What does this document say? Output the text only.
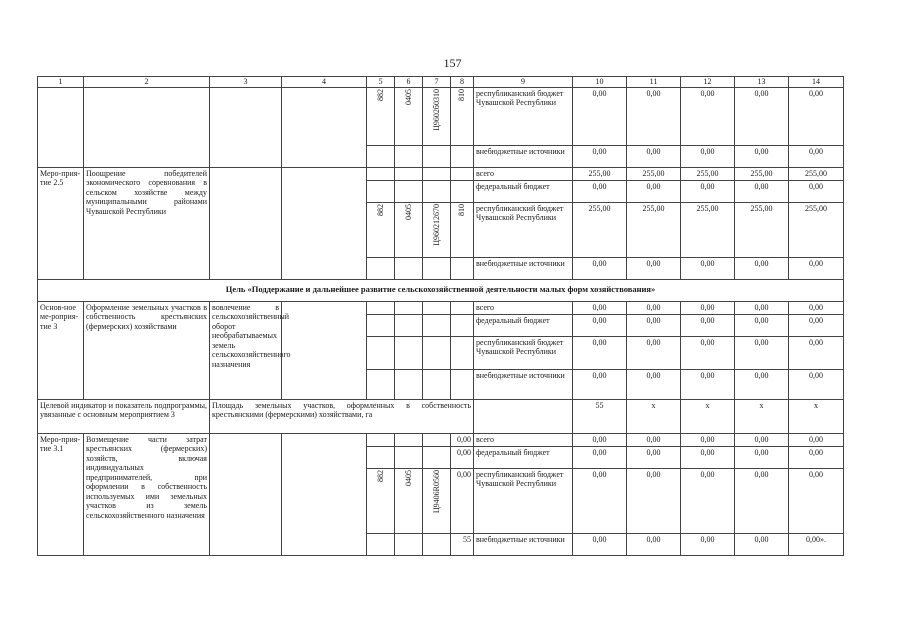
157
1	2	3	4	5	6	7	8	9	10	11	12	13	14

				882	0405	Ц9602б0310	810	республиканский бюджет Чувашской Республики	0,00	0,00	0,00	0,00	0,00
								внебюджетные источники	0,00	0,00	0,00	0,00	0,00
Меро-прия-тие 2.5	Поощрение победителей экономического соревнования в сельском хозяйстве между муниципальными районами Чувашской Республики							всего	255,00	255,00	255,00	255,00	255,00
								федеральный бюджет	0,00	0,00	0,00	0,00	0,00

				882	0405	Ц960212670	810	республиканский бюджет Чувашской Республики	255,00	255,00	255,00	255,00	255,00
								внебюджетные источники	0,00	0,00	0,00	0,00	0,00
Цель «Поддержание и дальнейшее развитие сельскохозяйственной деятельности малых форм хозяйствования»													
Основ-ное ме-роприя-тие 3	Оформление земельных участков в собственность крестьянских (фермерских) хозяйствами	вовлечение в сельскохозяйственный оборот необрабатываемых земель сельскохозяйственного назначения						всего	0,00	0,00	0,00	0,00	0,00
								федеральный бюджет	0,00	0,00	0,00	0,00	0,00
								республиканский бюджет Чувашской Республики	0,00	0,00	0,00	0,00	0,00
								внебюджетные источники	0,00	0,00	0,00	0,00	0,00
Целевой индикатор и показатель подпрограммы, увязанные с основным мероприятием 3		Площадь земельных участков, оформленных в собственность крестьянскими (фермерскими) хозяйствами, га							55	х	х	х	х
Меро-прия-тие 3.1	Возмещение части затрат крестьянских (фермерских) хозяйств, включая индивидуальных предпринимателей, при оформлении в собственность используемых ими земельных участков из земель сельскохозяйственного назначения						0,00	всего	0,00	0,00	0,00	0,00	0,00
							0,00	федеральный бюджет	0,00	0,00	0,00	0,00	0,00

				882	0405	Ц9406R0560	0,00	республиканский бюджет Чувашской Республики	0,00	0,00	0,00	0,00	0,00
							55	внебюджетные источники	0,00	0,00	0,00	0,00	0,00».
